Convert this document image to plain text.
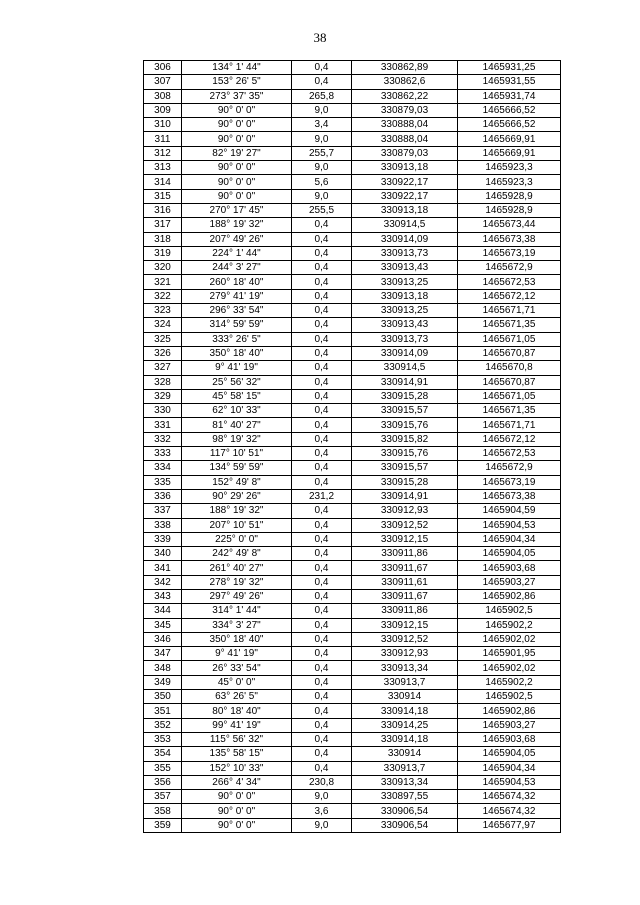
38
306	134° 1' 44"	0,4	330862,89	1465931,25
307	153° 26' 5"	0,4	330862,6	1465931,55
308	273° 37' 35"	265,8	330862,22	1465931,74
309	90° 0' 0"	9,0	330879,03	1465666,52
310	90° 0' 0"	3,4	330888,04	1465666,52
311	90° 0' 0"	9,0	330888,04	1465669,91
312	82° 19' 27"	255,7	330879,03	1465669,91
313	90° 0' 0"	9,0	330913,18	1465923,3
314	90° 0' 0"	5,6	330922,17	1465923,3
315	90° 0' 0"	9,0	330922,17	1465928,9
316	270° 17' 45"	255,5	330913,18	1465928,9
317	188° 19' 32"	0,4	330914,5	1465673,44
318	207° 49' 26"	0,4	330914,09	1465673,38
319	224° 1' 44"	0,4	330913,73	1465673,19
320	244° 3' 27"	0,4	330913,43	1465672,9
321	260° 18' 40"	0,4	330913,25	1465672,53
322	279° 41' 19"	0,4	330913,18	1465672,12
323	296° 33' 54"	0,4	330913,25	1465671,71
324	314° 59' 59"	0,4	330913,43	1465671,35
325	333° 26' 5"	0,4	330913,73	1465671,05
326	350° 18' 40"	0,4	330914,09	1465670,87
327	9° 41' 19"	0,4	330914,5	1465670,8
328	25° 56' 32"	0,4	330914,91	1465670,87
329	45° 58' 15"	0,4	330915,28	1465671,05
330	62° 10' 33"	0,4	330915,57	1465671,35
331	81° 40' 27"	0,4	330915,76	1465671,71
332	98° 19' 32"	0,4	330915,82	1465672,12
333	117° 10' 51"	0,4	330915,76	1465672,53
334	134° 59' 59"	0,4	330915,57	1465672,9
335	152° 49' 8"	0,4	330915,28	1465673,19
336	90° 29' 26"	231,2	330914,91	1465673,38
337	188° 19' 32"	0,4	330912,93	1465904,59
338	207° 10' 51"	0,4	330912,52	1465904,53
339	225° 0' 0"	0,4	330912,15	1465904,34
340	242° 49' 8"	0,4	330911,86	1465904,05
341	261° 40' 27"	0,4	330911,67	1465903,68
342	278° 19' 32"	0,4	330911,61	1465903,27
343	297° 49' 26"	0,4	330911,67	1465902,86
344	314° 1' 44"	0,4	330911,86	1465902,5
345	334° 3' 27"	0,4	330912,15	1465902,2
346	350° 18' 40"	0,4	330912,52	1465902,02
347	9° 41' 19"	0,4	330912,93	1465901,95
348	26° 33' 54"	0,4	330913,34	1465902,02
349	45° 0' 0"	0,4	330913,7	1465902,2
350	63° 26' 5"	0,4	330914	1465902,5
351	80° 18' 40"	0,4	330914,18	1465902,86
352	99° 41' 19"	0,4	330914,25	1465903,27
353	115° 56' 32"	0,4	330914,18	1465903,68
354	135° 58' 15"	0,4	330914	1465904,05
355	152° 10' 33"	0,4	330913,7	1465904,34
356	266° 4' 34"	230,8	330913,34	1465904,53
357	90° 0' 0"	9,0	330897,55	1465674,32
358	90° 0' 0"	3,6	330906,54	1465674,32
359	90° 0' 0"	9,0	330906,54	1465677,97
